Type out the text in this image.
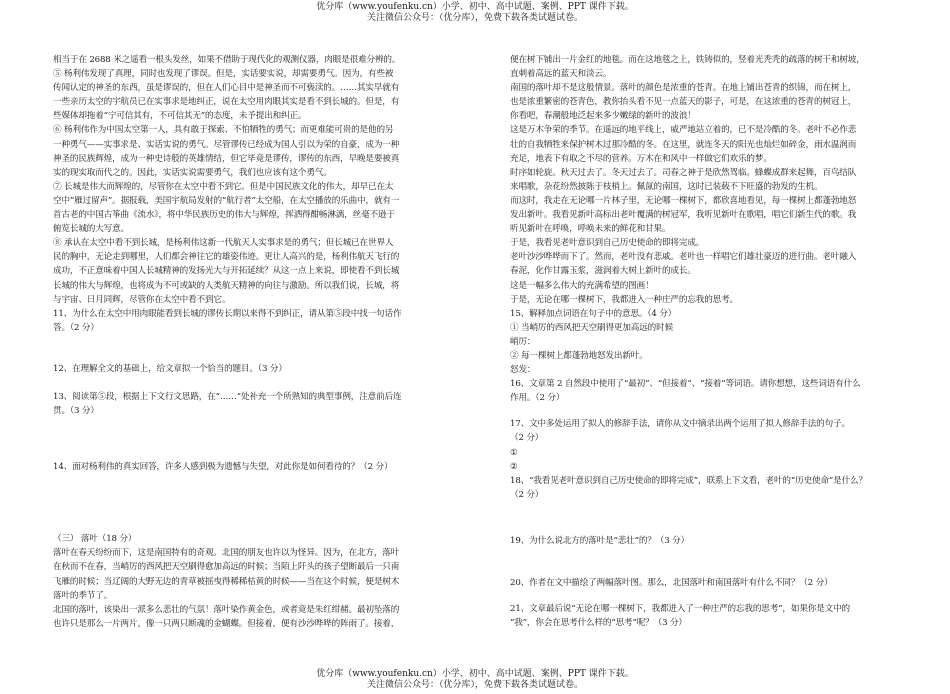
优分库（www.youfenku.cn）小学、初中、高中试题、案例、PPT 课件下载。
关注微信公众号：（优分库），免费下载各类试题试卷。
相当于在 2688 米之遥看一根头发丝，如果不借助于现代化的观测仪器，肉眼是很难分辨的。
⑤ 杨利伟发现了真理，同时也发现了谬误。但是，实话要实说，却需要勇气。因为，有些被
传闻认定的神圣的东西，虽是谬误的，但在人们心目中是神圣而不可亵渎的。……其实早就有
一些亲历太空的宇航员已在实事求是地纠正，说在太空用肉眼其实是看不到长城的。但是，有
些媒体却拖着“宁可信其有，不可信其无”的态度，未予提出和纠正。
⑥ 杨利伟作为中国太空第一人，具有敢于探索、不怕牺牲的勇气；而更难能可贵的是他的另
一种勇气——实事求是、实话实说的勇气。尽管谬传已经成为国人引以为荣的自豪，成为一种
神圣的民族辉煌，成为一种史诗般的英雄情结，但它毕竟是谬传，谬传的东西，早晚是要被真
实的现实取而代之的。因此，实话实说需要勇气，我们也应该有这个勇气。
⑦ 长城是伟大而辉煌的，尽管你在太空中看不到它。但是中国民族文化的伟大，却早已在太
空中“雁过留声”。据报载，美国宇航局发射的“航行者”太空船，在太空播放的乐曲中，就有一
首古老的中国古筝曲《流水》，将中华民族历史的伟大与辉煌，挥洒得酣畅淋漓，丝毫不逊于
俯览长城的大写意。
⑧ 承认在太空中看不到长城，是杨利伟这新一代航天人实事求是的勇气；但长城已在世界人
民的胸中，无论走到哪里，人们都会神往它的雄姿伟迹。更让人高兴的是，杨利伟航天飞行的
成功，不正意味着中国人长城精神的发扬光大与开拓延续？从这一点上来说，即使看不到长城
长城的伟大与辉煌，也将成为不可或缺的人类航天精神的向往与激励。所以我们说，长城，将
与宇宙、日月同辉，尽管你在太空中看不到它。
11、为什么在太空中用肉眼能看到长城的谬传长期以来得不到纠正，请从第⑤段中找一句话作
答。（2 分）
12、在理解全文的基础上，给文章拟一个恰当的题目。（3 分）
13、阅读第⑤段，根据上下文行文思路，在“……”处补充一个所熟知的典型事例，注意前后连
贯。（3 分）
14、面对杨利伟的真实回答，许多人感到极为遗憾与失望，对此你是如何看待的？（2 分）
（三） 落叶（18 分）
落叶在春天纷纷而下，这是南国特有的奇观。北国的朋友也许以为怪异。因为，在北方，落叶
在秋而不在春，当峭厉的西风把天空刷得愈加高远的时候；当陌上阡头的孩子望断最后一只南
飞雁的时候；当辽阔的大野无边的青草被摇曳得稀稀枯黄的时候——当在这个时候，便是树木
落叶的季节了。
北国的落叶，该染出一派多么悲壮的气氛！落叶染作黄金色，或者竟是朱红绀赭。最初坠落的
也许只是那么一片两片，像一只两只断魂的金蝴蝶。但接着，便有沙沙哗哗的阵雨了。接着，
便在树下铺出一片金红的地毯。而在这地毯之上，铁铸似的，竖着光秃秃的疏落的树干和树坡，
直刺着高远的蓝天和淡云。
南国的落叶却不是这般情景。落叶的颜色是浓重的苍青。在地上铺出苍青的织锦，而在树上，
也是浓重繁密的苍青色，教你抬头看不见一点蓝天的影子，可是，在这浓重的苍青的树冠上，
你看吧，春潮般地泛起来多少嫩绿的新叶的波浪！
这是万木争荣的季节。在遥远的地平线上，威严地站立着的，已不是冷酷的冬。老叶不必作悲
壮的自我牺牲来保护树木过那冷酷的冬。在这里，就连冬天的阳光也灿烂如碎金，雨水温润而
充足，地表下有取之不尽的营养。万木在和风中一样做它们欢乐的梦。
时序如轮旋。秋天过去了。冬天过去了。司春之神于是欣然驾临。蜂蝶成群来起舞，百鸟结队
来唱歌，杂花纷然披陈于枝梢上。佩氤的南国，这时已装载不下旺盛的勃发的生机。
而这时，我走在无论哪一片林子里，无论哪一棵树下，都欣喜地看见，每一棵树上都蓬勃地怒
发出新叶。我看见新叶高标出老叶覆满的树冠军，我听见新叶在歌唱，唱它们新生代的歌。我
听见新叶在呼唤，呼唤未来的鲜花和甘果。
于是，我看见老叶意识到自己历史使命的即将完成。
老叶沙沙哗哗而下了。然而，老叶没有悲戚。老叶也一样唱它们雄壮豪迈的进行曲。老叶融入
春泥，化作甘露玉浆，滋润着大树上新叶的成长。
这是一幅多么伟大的充满希望的图画！
于是，无论在哪一棵树下，我都进入一种庄严的忘我的思考。
15、解释加点词语在句子中的意思。（4 分）
① 当峭厉的西风把天空刷得更加高远的时候
峭厉：
② 每一棵树上都蓬勃地怒发出新叶。
怒发：
16、文章第 2 自然段中使用了“最初”、“但接着”、“接着”等词语。请你想想，这些词语有什么
作用。（2 分）
17、文中多处运用了拟人的修辞手法，请你从文中摘录出两个运用了拟人修辞手法的句子。
（2 分）
①
②
18、“我看见老叶意识到自己历史使命的即将完成”，联系上下文看，老叶的“历史使命”是什么？
（2 分）
19、为什么说北方的落叶是“悲壮”的？（3 分）
20、作者在文中描绘了两幅落叶图。那么，北国落叶和南国落叶有什么不同？（2 分）
21、文章最后说“无论在哪一棵树下，我都进入了一种庄严的忘我的思考”，如果你是文中的
“我”，你会在思考什么样的“思考”呢？（3 分）
优分库（www.youfenku.cn）小学、初中、高中试题、案例、PPT 课件下载。
关注微信公众号：（优分库），免费下载各类试题试卷。
